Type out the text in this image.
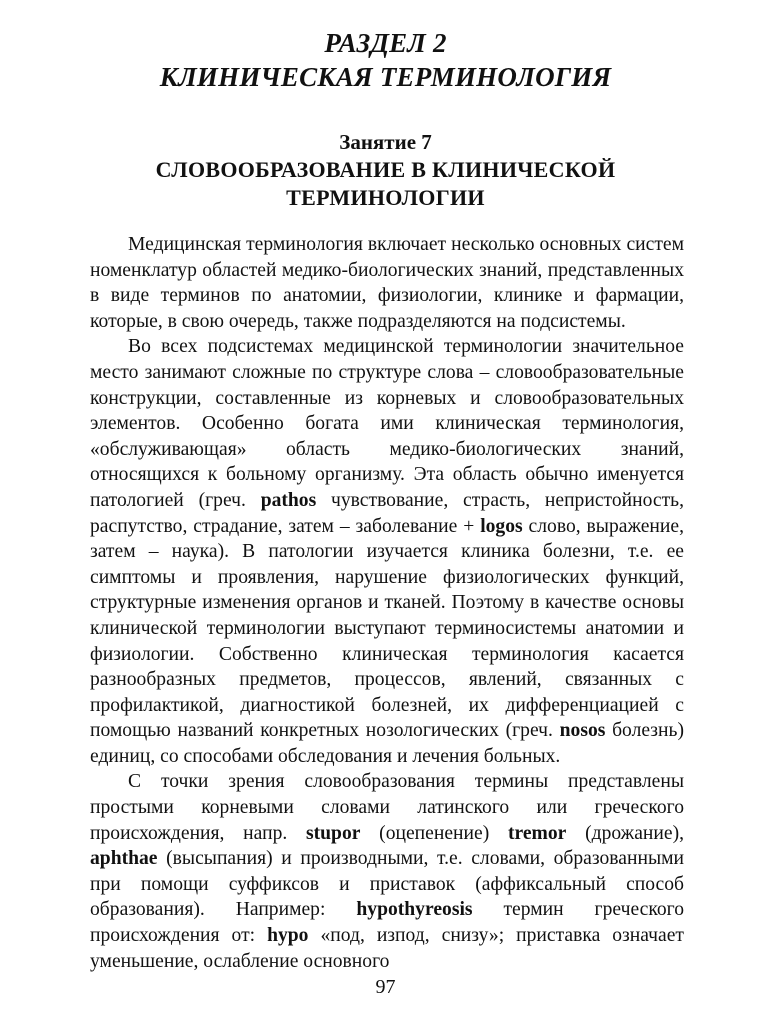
РАЗДЕЛ 2
КЛИНИЧЕСКАЯ ТЕРМИНОЛОГИЯ
Занятие 7
СЛОВООБРАЗОВАНИЕ В КЛИНИЧЕСКОЙ
ТЕРМИНОЛОГИИ

Медицинская терминология включает несколько основных систем номенклатур областей медико-биологических знаний, представленных в виде терминов по анатомии, физиологии, клинике и фармации, которые, в свою очередь, также подразделяются на подсистемы.

Во всех подсистемах медицинской терминологии значительное место занимают сложные по структуре слова – словообразовательные конструкции, составленные из корневых и словообразовательных элементов. Особенно богата ими клиническая терминология, «обслуживающая» область медико-биологических знаний, относящихся к больному организму. Эта область обычно именуется патологией (греч. pathos чувствование, страсть, непристойность, распутство, страдание, затем – заболевание + logos слово, выражение, затем – наука). В патологии изучается клиника болезни, т.е. ее симптомы и проявления, нарушение физиологических функций, структурные изменения органов и тканей. Поэтому в качестве основы клинической терминологии выступают терминосистемы анатомии и физиологии. Собственно клиническая терминология касается разнообразных предметов, процессов, явлений, связанных с профилактикой, диагностикой болезней, их дифференциацией с помощью названий конкретных нозологических (греч. nosos болезнь) единиц, со способами обследования и лечения больных.

С точки зрения словообразования термины представлены простыми корневыми словами латинского или греческого происхождения, напр. stupor (оцепенение) tremor (дрожание), aphthae (высыпания) и производными, т.е. словами, образованными при помощи суффиксов и приставок (аффиксальный способ образования). Например: hypothyreosis термин греческого происхождения от: hypo «под, изпод, снизу»; приставка означает уменьшение, ослабление основного

97
